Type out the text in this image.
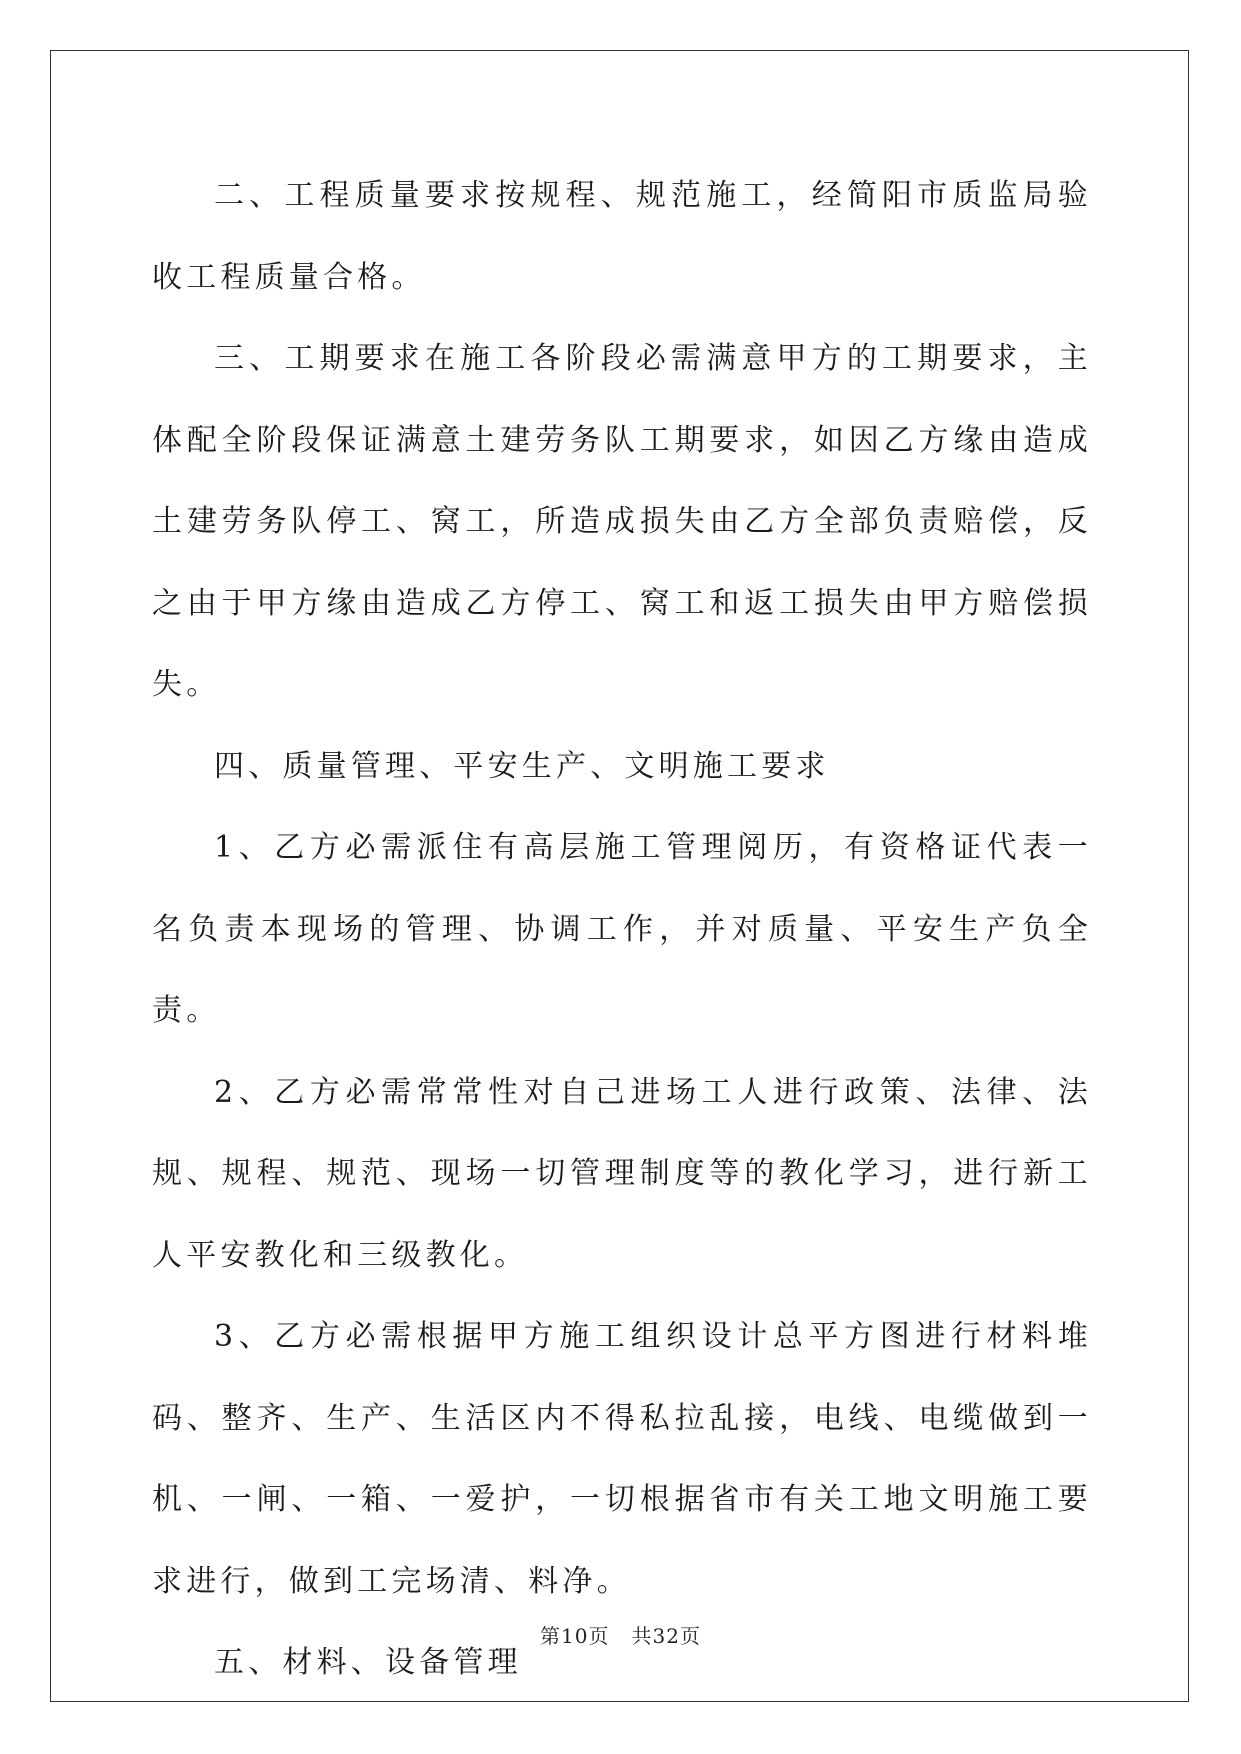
二、工程质量要求按规程、规范施工，经简阳市质监局验收工程质量合格。

三、工期要求在施工各阶段必需满意甲方的工期要求，主体配全阶段保证满意土建劳务队工期要求，如因乙方缘由造成土建劳务队停工、窝工，所造成损失由乙方全部负责赔偿，反之由于甲方缘由造成乙方停工、窝工和返工损失由甲方赔偿损失。

四、质量管理、平安生产、文明施工要求

1、乙方必需派住有高层施工管理阅历，有资格证代表一名负责本现场的管理、协调工作，并对质量、平安生产负全责。

2、乙方必需常常性对自己进场工人进行政策、法律、法规、规程、规范、现场一切管理制度等的教化学习，进行新工人平安教化和三级教化。

3、乙方必需根据甲方施工组织设计总平方图进行材料堆码、整齐、生产、生活区内不得私拉乱接，电线、电缆做到一机、一闸、一箱、一爱护，一切根据省市有关工地文明施工要求进行，做到工完场清、料净。

五、材料、设备管理

第10页 共32页
